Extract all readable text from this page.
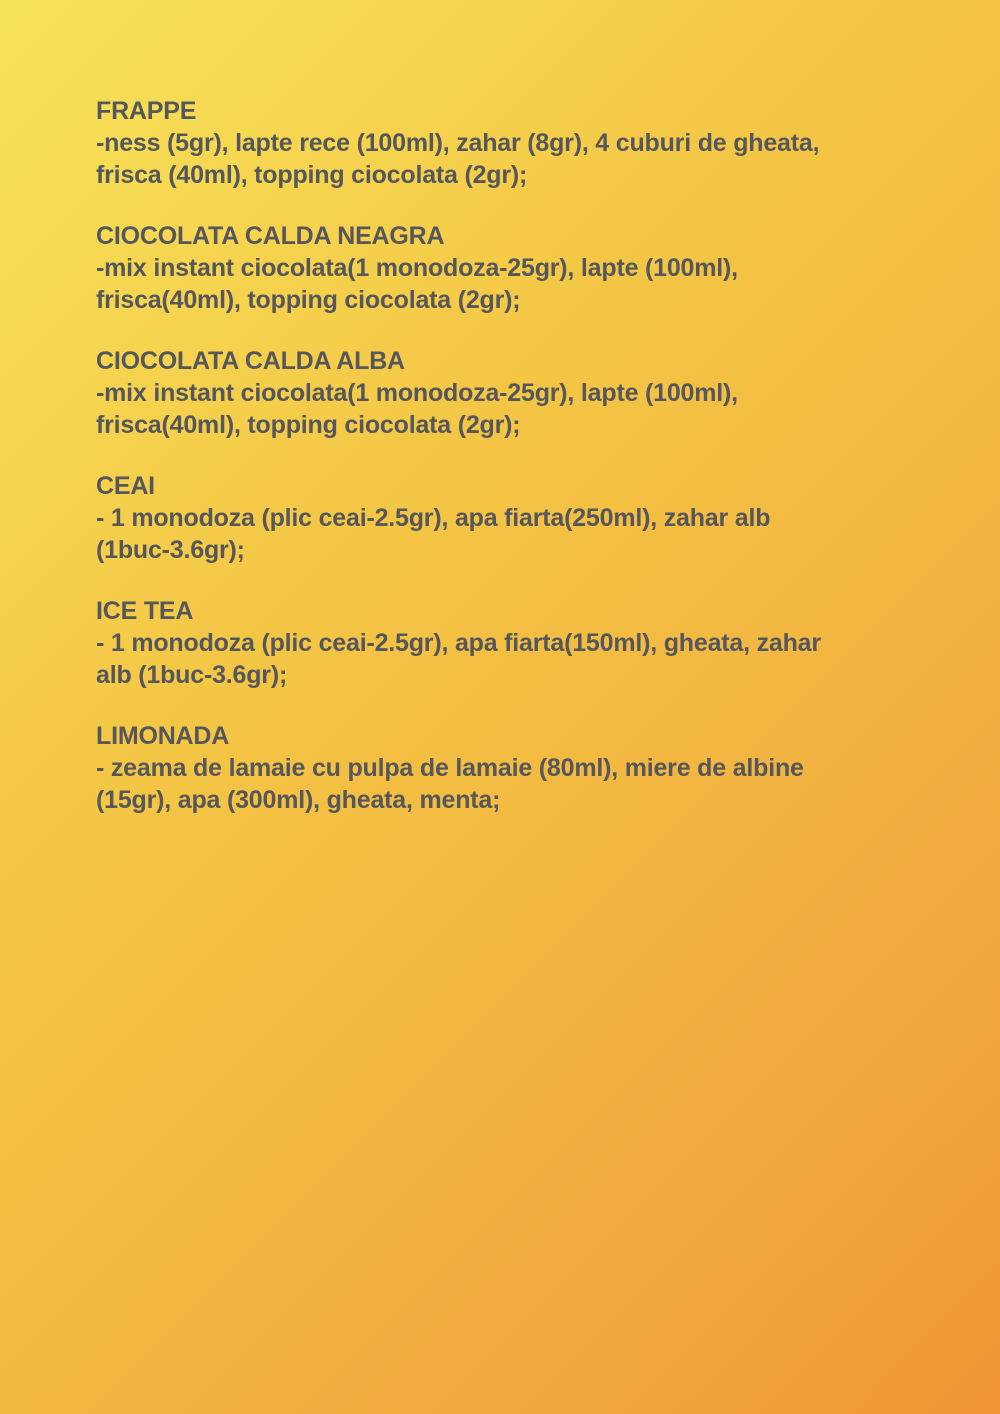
FRAPPE
-ness (5gr), lapte rece (100ml), zahar (8gr), 4 cuburi de gheata,
frisca (40ml), topping ciocolata (2gr);
CIOCOLATA CALDA NEAGRA
-mix instant ciocolata(1 monodoza-25gr), lapte (100ml),
frisca(40ml), topping ciocolata (2gr);
CIOCOLATA CALDA ALBA
-mix instant ciocolata(1 monodoza-25gr), lapte (100ml),
frisca(40ml), topping ciocolata (2gr);
CEAI
- 1 monodoza (plic ceai-2.5gr), apa fiarta(250ml), zahar alb
(1buc-3.6gr);
ICE TEA
- 1 monodoza (plic ceai-2.5gr), apa fiarta(150ml), gheata, zahar
alb (1buc-3.6gr);
LIMONADA
- zeama de lamaie cu pulpa de lamaie (80ml), miere de albine
(15gr), apa (300ml), gheata, menta;
